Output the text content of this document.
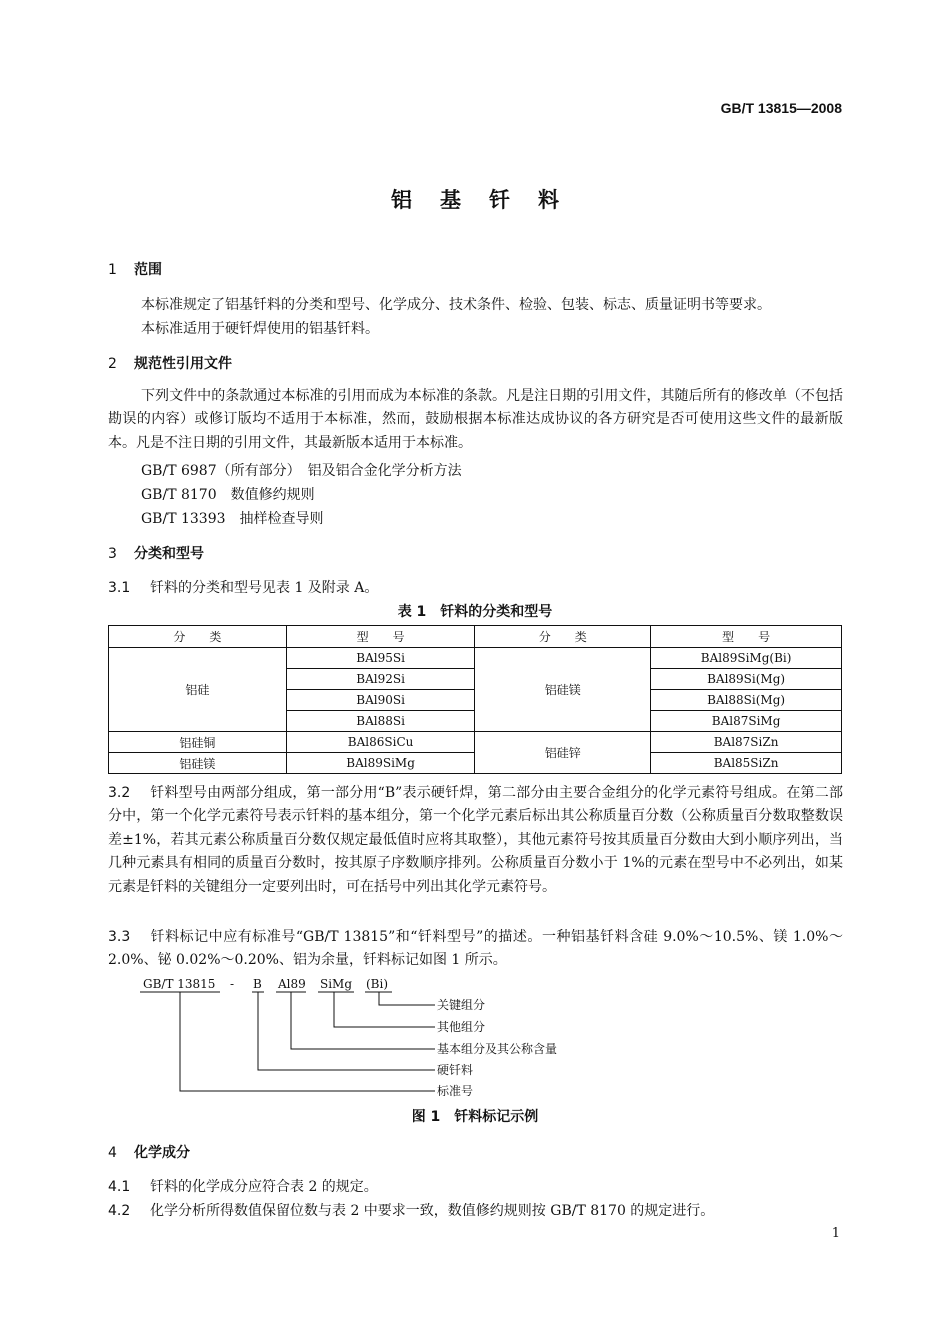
GB/T 13815—2008
铝基钎料
1 范围
本标准规定了铝基钎料的分类和型号、化学成分、技术条件、检验、包装、标志、质量证明书等要求。
本标准适用于硬钎焊使用的铝基钎料。
2 规范性引用文件
下列文件中的条款通过本标准的引用而成为本标准的条款。凡是注日期的引用文件，其随后所有的修改单（不包括勘误的内容）或修订版均不适用于本标准，然而，鼓励根据本标准达成协议的各方研究是否可使用这些文件的最新版本。凡是不注日期的引用文件，其最新版本适用于本标准。
GB/T 6987（所有部分）　 铝及铝合金化学分析方法
GB/T 8170　 数值修约规则
GB/T 13393　 抽样检查导则
3 分类和型号
3.1 钎料的分类和型号见表 1 及附录 A。
表 1　钎料的分类和型号
分　　类	型　　号	分　　类	型　　号
铝硅	BAl95Si	铝硅镁	BAl89SiMg(Bi)
	BAl92Si		BAl89Si(Mg)
	BAl90Si		BAl88Si(Mg)
	BAl88Si		BAl87SiMg
铝硅铜	BAl86SiCu	铝硅锌	BAl87SiZn
铝硅镁	BAl89SiMg		BAl85SiZn
3.2 钎料型号由两部分组成，第一部分用“B”表示硬钎焊，第二部分由主要合金组分的化学元素符号组成。在第二部分中，第一个化学元素符号表示钎料的基本组分，第一个化学元素后标出其公称质量百分数（公称质量百分数取整数误差±1%，若其元素公称质量百分数仅规定最低值时应将其取整），其他元素符号按其质量百分数由大到小顺序列出，当几种元素具有相同的质量百分数时，按其原子序数顺序排列。公称质量百分数小于 1%的元素在型号中不必列出，如某元素是钎料的关键组分一定要列出时，可在括号中列出其化学元素符号。
3.3 钎料标记中应有标准号“GB/T 13815”和“钎料型号”的描述。一种铝基钎料含硅 9.0%～10.5%、镁 1.0%～2.0%、铋 0.02%～0.20%、铝为余量，钎料标记如图 1 所示。
GB/T 13815 - B Al89 SiMg (Bi)
关键组分
其他组分
基本组分及其公称含量
硬钎料
标准号
图 1　钎料标记示例
4 化学成分
4.1 钎料的化学成分应符合表 2 的规定。
4.2 化学分析所得数值保留位数与表 2 中要求一致，数值修约规则按 GB/T 8170 的规定进行。
1
